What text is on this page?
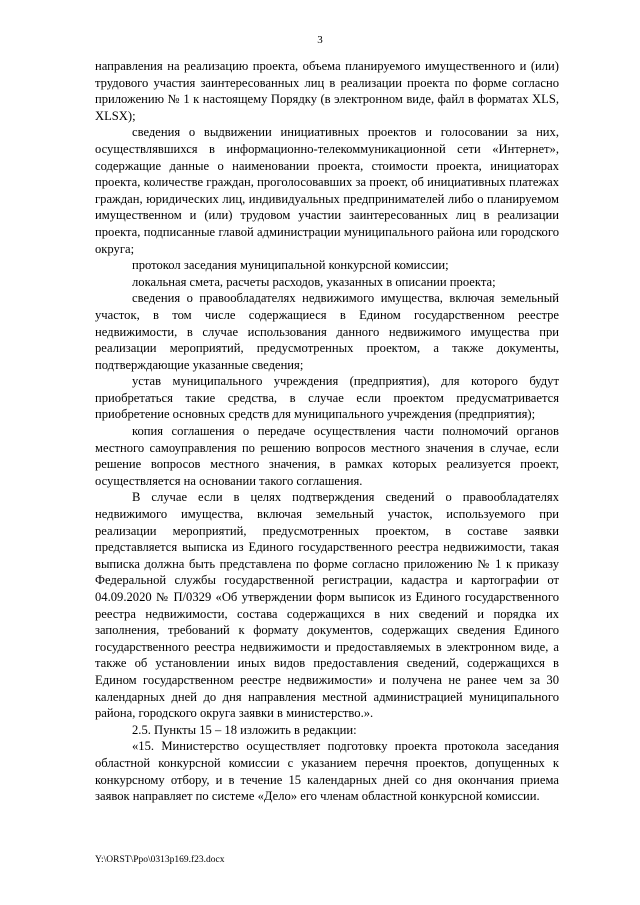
3

направления на реализацию проекта, объема планируемого имущественного и (или) трудового участия заинтересованных лиц в реализации проекта по форме согласно приложению № 1 к настоящему Порядку (в электронном виде, файл в форматах XLS, XLSX);

сведения о выдвижении инициативных проектов и голосовании за них, осуществлявшихся в информационно-телекоммуникационной сети «Интернет», содержащие данные о наименовании проекта, стоимости проекта, инициаторах проекта, количестве граждан, проголосовавших за проект, об инициативных платежах граждан, юридических лиц, индивидуальных предпринимателей либо о планируемом имущественном и (или) трудовом участии заинтересованных лиц в реализации проекта, подписанные главой администрации муниципального района или городского округа;

протокол заседания муниципальной конкурсной комиссии;

локальная смета, расчеты расходов, указанных в описании проекта;

сведения о правообладателях недвижимого имущества, включая земельный участок, в том числе содержащиеся в Едином государственном реестре недвижимости, в случае использования данного недвижимого имущества при реализации мероприятий, предусмотренных проектом, а также документы, подтверждающие указанные сведения;

устав муниципального учреждения (предприятия), для которого будут приобретаться такие средства, в случае если проектом предусматривается приобретение основных средств для муниципального учреждения (предприятия);

копия соглашения о передаче осуществления части полномочий органов местного самоуправления по решению вопросов местного значения в случае, если решение вопросов местного значения, в рамках которых реализуется проект, осуществляется на основании такого соглашения.

В случае если в целях подтверждения сведений о правообладателях недвижимого имущества, включая земельный участок, используемого при реализации мероприятий, предусмотренных проектом, в составе заявки представляется выписка из Единого государственного реестра недвижимости, такая выписка должна быть представлена по форме согласно приложению № 1 к приказу Федеральной службы государственной регистрации, кадастра и картографии от 04.09.2020 № П/0329 «Об утверждении форм выписок из Единого государственного реестра недвижимости, состава содержащихся в них сведений и порядка их заполнения, требований к формату документов, содержащих сведения Единого государственного реестра недвижимости и предоставляемых в электронном виде, а также об установлении иных видов предоставления сведений, содержащихся в Едином государственном реестре недвижимости» и получена не ранее чем за 30 календарных дней до дня направления местной администрацией муниципального района, городского округа заявки в министерство.».

2.5. Пункты 15 – 18 изложить в редакции:

«15. Министерство осуществляет подготовку проекта протокола заседания областной конкурсной комиссии с указанием перечня проектов, допущенных к конкурсному отбору, и в течение 15 календарных дней со дня окончания приема заявок направляет по системе «Дело» его членам областной конкурсной комиссии.

Y:\ORST\Ppo\0313p169.f23.docx
